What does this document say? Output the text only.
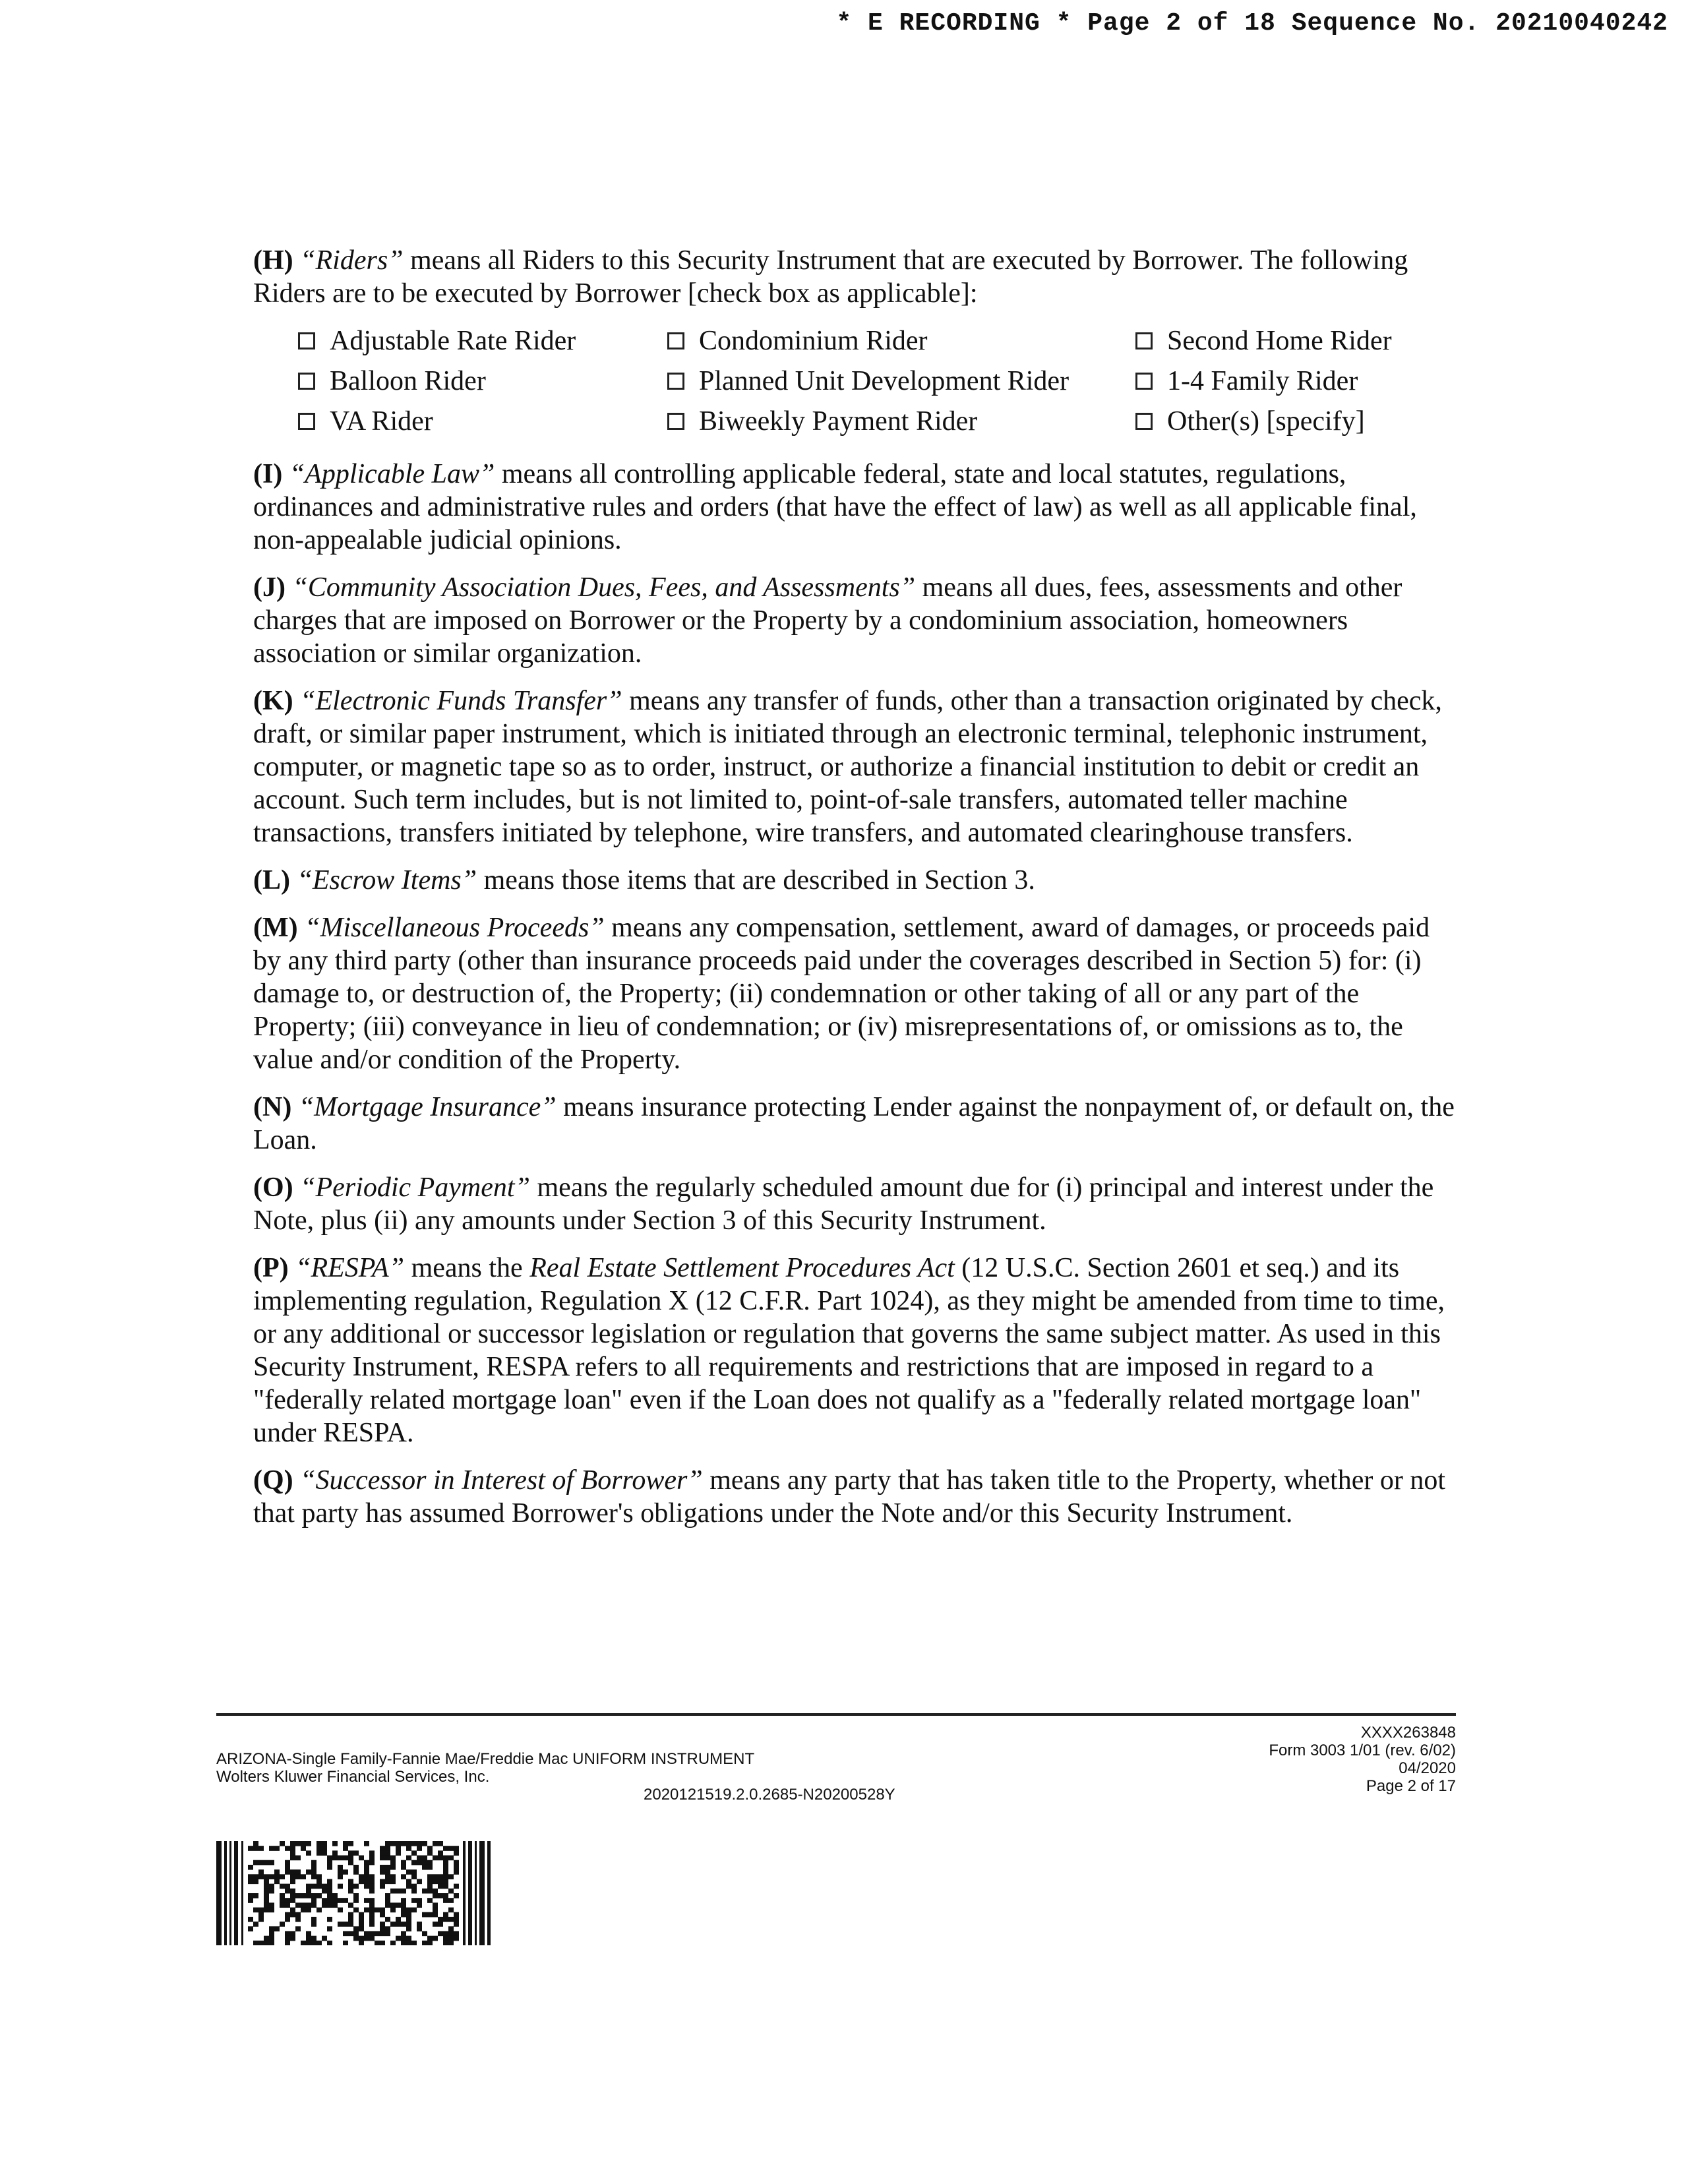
* E RECORDING * Page 2 of 18 Sequence No. 20210040242

(H) “Riders” means all Riders to this Security Instrument that are executed by Borrower. The following Riders are to be executed by Borrower [check box as applicable]:

Adjustable Rate Rider	Condominium Rider	Second Home Rider
Balloon Rider	Planned Unit Development Rider	1-4 Family Rider
VA Rider	Biweekly Payment Rider	Other(s) [specify]

(I) “Applicable Law” means all controlling applicable federal, state and local statutes, regulations, ordinances and administrative rules and orders (that have the effect of law) as well as all applicable final, non-appealable judicial opinions.

(J) “Community Association Dues, Fees, and Assessments” means all dues, fees, assessments and other charges that are imposed on Borrower or the Property by a condominium association, homeowners association or similar organization.

(K) “Electronic Funds Transfer” means any transfer of funds, other than a transaction originated by check, draft, or similar paper instrument, which is initiated through an electronic terminal, telephonic instrument, computer, or magnetic tape so as to order, instruct, or authorize a financial institution to debit or credit an account. Such term includes, but is not limited to, point-of-sale transfers, automated teller machine transactions, transfers initiated by telephone, wire transfers, and automated clearinghouse transfers.

(L) “Escrow Items” means those items that are described in Section 3.

(M) “Miscellaneous Proceeds” means any compensation, settlement, award of damages, or proceeds paid by any third party (other than insurance proceeds paid under the coverages described in Section 5) for: (i) damage to, or destruction of, the Property; (ii) condemnation or other taking of all or any part of the Property; (iii) conveyance in lieu of condemnation; or (iv) misrepresentations of, or omissions as to, the value and/or condition of the Property.

(N) “Mortgage Insurance” means insurance protecting Lender against the nonpayment of, or default on, the Loan.

(O) “Periodic Payment” means the regularly scheduled amount due for (i) principal and interest under the Note, plus (ii) any amounts under Section 3 of this Security Instrument.

(P) “RESPA” means the Real Estate Settlement Procedures Act (12 U.S.C. Section 2601 et seq.) and its implementing regulation, Regulation X (12 C.F.R. Part 1024), as they might be amended from time to time, or any additional or successor legislation or regulation that governs the same subject matter. As used in this Security Instrument, RESPA refers to all requirements and restrictions that are imposed in regard to a "federally related mortgage loan" even if the Loan does not qualify as a "federally related mortgage loan" under RESPA.

(Q) “Successor in Interest of Borrower” means any party that has taken title to the Property, whether or not that party has assumed Borrower's obligations under the Note and/or this Security Instrument.

ARIZONA-Single Family-Fannie Mae/Freddie Mac UNIFORM INSTRUMENT
Wolters Kluwer Financial Services, Inc.
2020121519.2.0.2685-N20200528Y
XXXX263848
Form 3003 1/01 (rev. 6/02)
04/2020
Page 2 of 17
